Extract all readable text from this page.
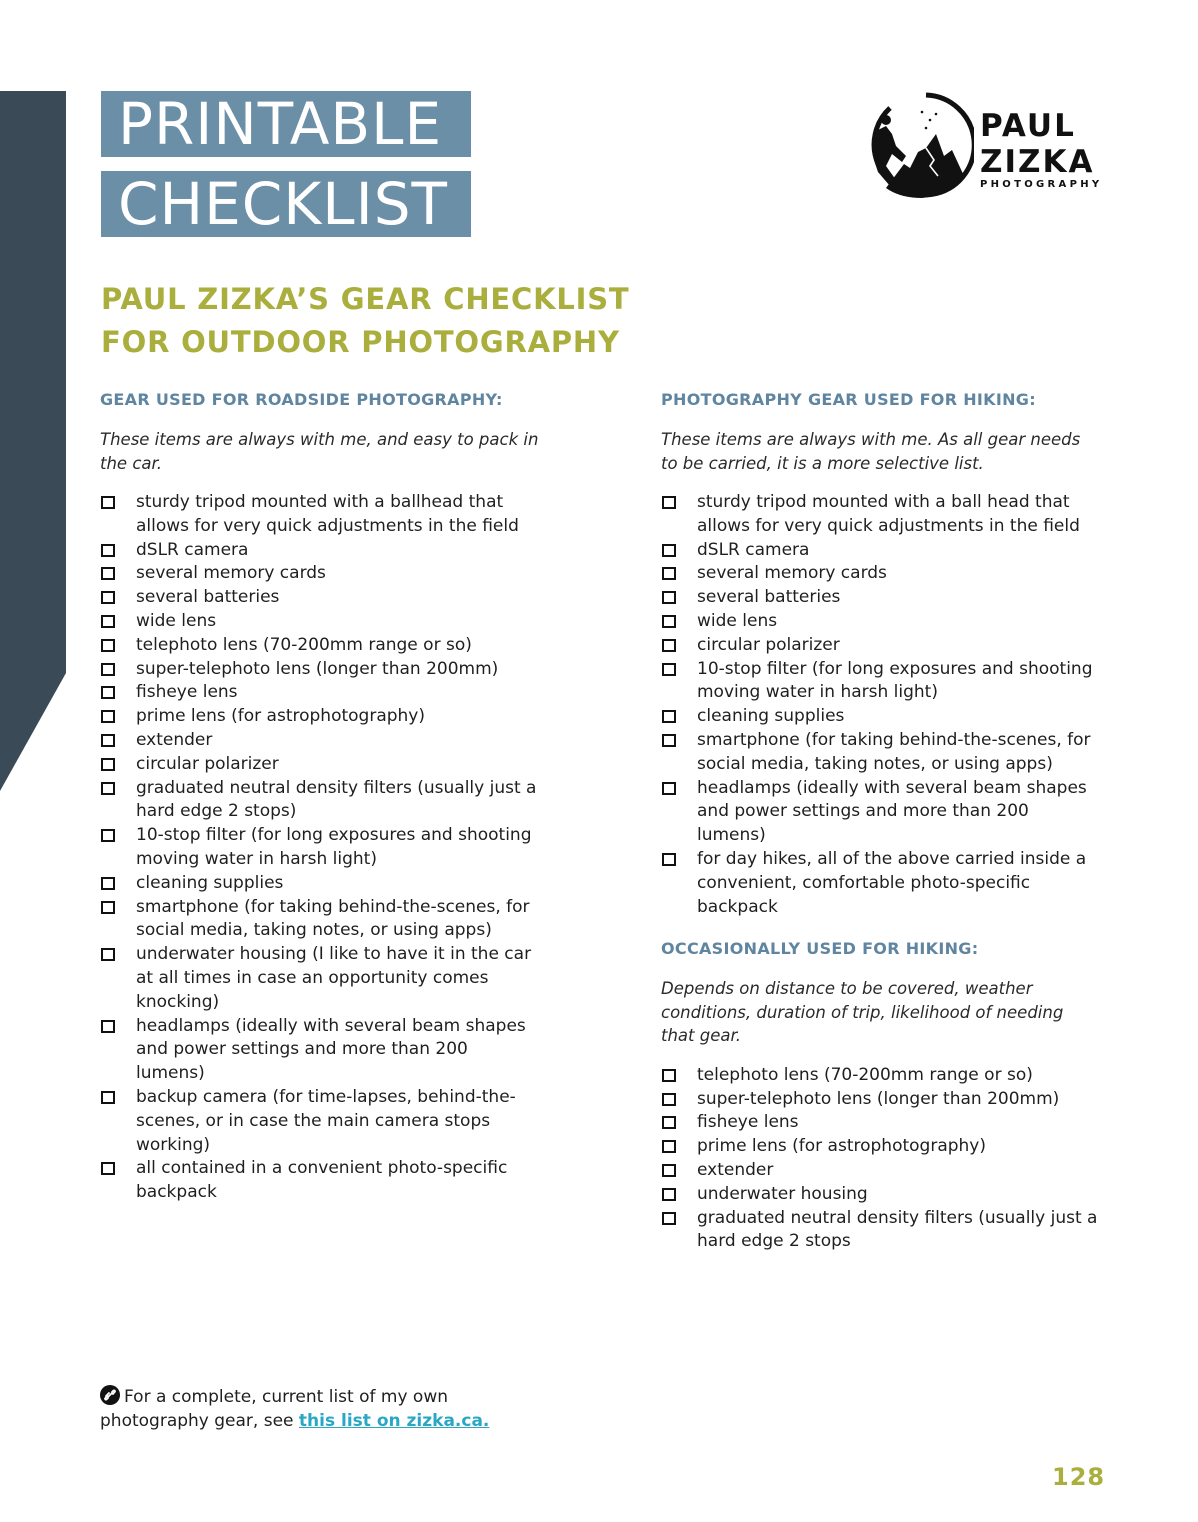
PRINTABLE
CHECKLIST
PAUL
ZIZKA
PHOTOGRAPHY
PAUL ZIZKA’S GEAR CHECKLIST
FOR OUTDOOR PHOTOGRAPHY
GEAR USED FOR ROADSIDE PHOTOGRAPHY:

These items are always with me, and easy to pack in the car.

sturdy tripod mounted with a ballhead that allows for very quick adjustments in the field
dSLR camera
several memory cards
several batteries
wide lens
telephoto lens (70-200mm range or so)
super-telephoto lens (longer than 200mm)
fisheye lens
prime lens (for astrophotography)
extender
circular polarizer
graduated neutral density filters (usually just a hard edge 2 stops)
10-stop filter (for long exposures and shooting moving water in harsh light)
cleaning supplies
smartphone (for taking behind-the-scenes, for social media, taking notes, or using apps)
underwater housing (I like to have it in the car at all times in case an opportunity comes knocking)
headlamps (ideally with several beam shapes and power settings and more than 200 lumens)
backup camera (for time-lapses, behind-the-scenes, or in case the main camera stops working)
all contained in a convenient photo-specific backpack
PHOTOGRAPHY GEAR USED FOR HIKING:

These items are always with me. As all gear needs to be carried, it is a more selective list.

sturdy tripod mounted with a ball head that allows for very quick adjustments in the field
dSLR camera
several memory cards
several batteries
wide lens
circular polarizer
10-stop filter (for long exposures and shooting moving water in harsh light)
cleaning supplies
smartphone (for taking behind-the-scenes, for social media, taking notes, or using apps)
headlamps (ideally with several beam shapes and power settings and more than 200 lumens)
for day hikes, all of the above carried inside a convenient, comfortable photo-specific backpack
OCCASIONALLY USED FOR HIKING:

Depends on distance to be covered, weather conditions, duration of trip, likelihood of needing that gear.

telephoto lens (70-200mm range or so)
super-telephoto lens (longer than 200mm)
fisheye lens
prime lens (for astrophotography)
extender
underwater housing
graduated neutral density filters (usually just a hard edge 2 stops

For a complete, current list of my own photography gear, see this list on zizka.ca.

128
